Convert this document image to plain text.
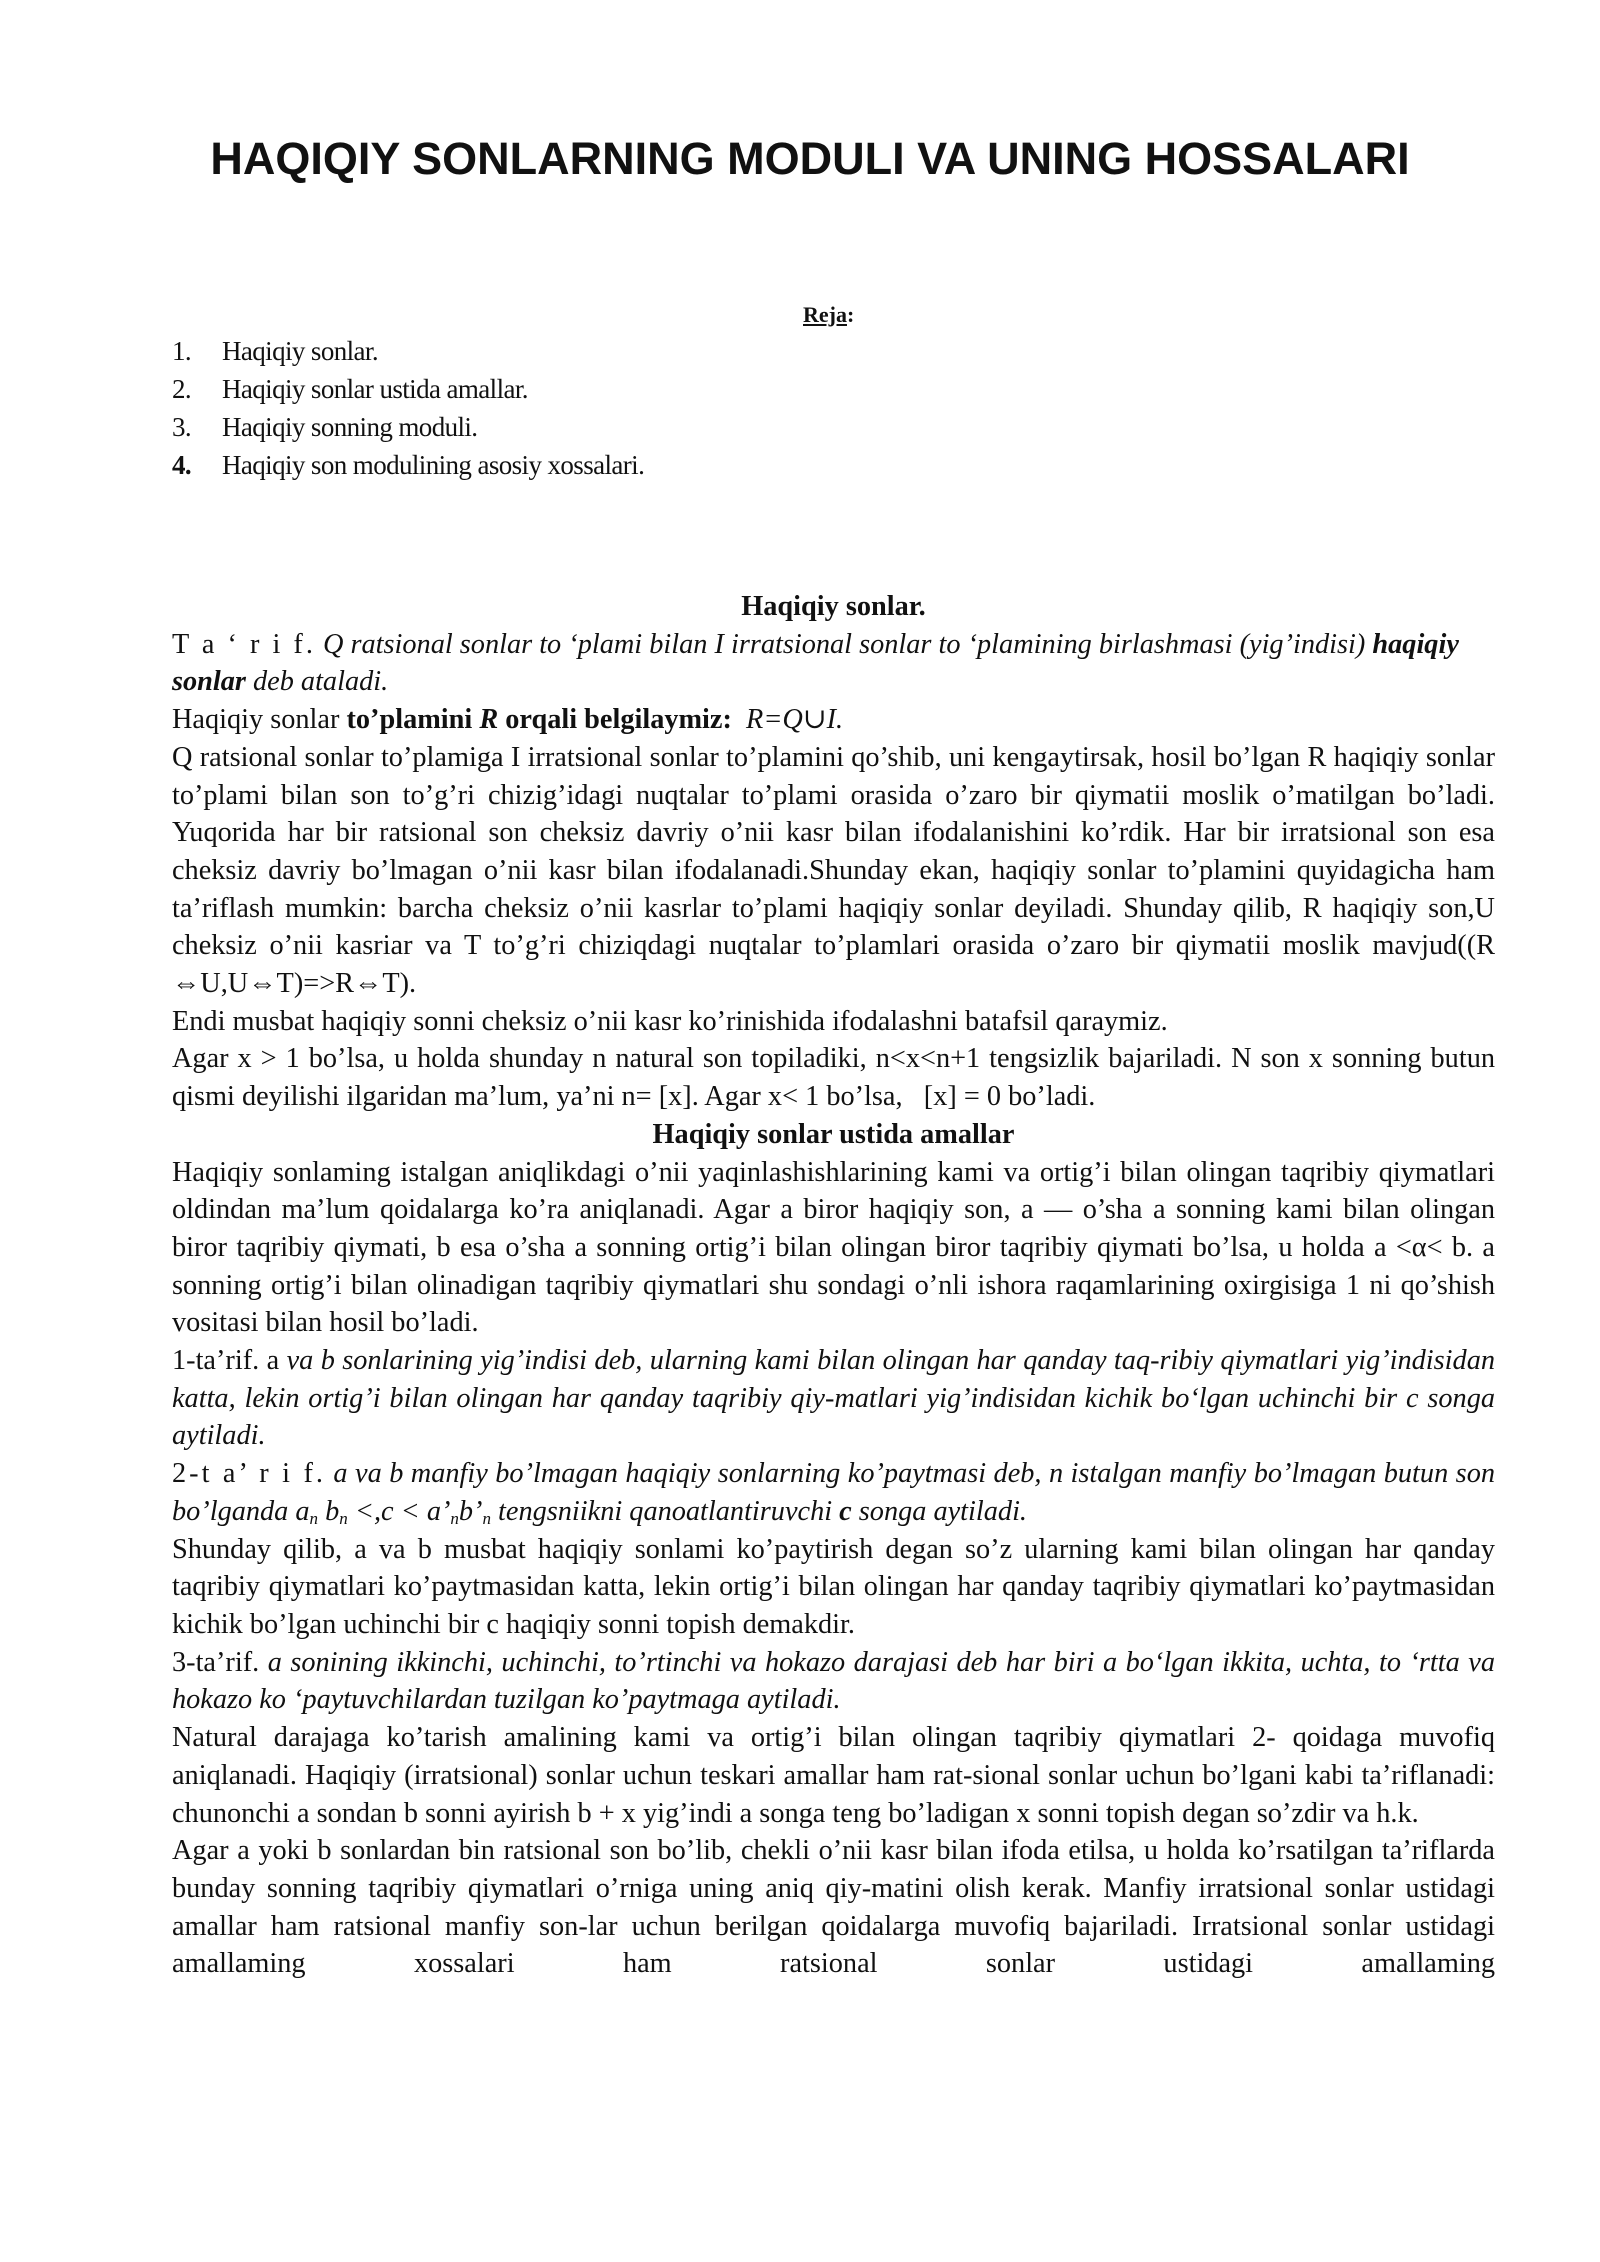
HAQIQIY SONLARNING MODULI VA UNING HOSSALARI
Reja:
1. Haqiqiy sonlar.
2. Haqiqiy sonlar ustida amallar.
3. Haqiqiy sonning moduli.
4. Haqiqiy son modulining asosiy xossalari.

Haqiqiy sonlar.

T a ‘ r i f. Q ratsional sonlar to ‘plami bilan I irratsional sonlar to ‘plamining birlashmasi (yig’indisi) haqiqiy sonlar deb ataladi.

Haqiqiy sonlar to’plamini R orqali belgilaymiz:  R=Q∪I.

Q ratsional sonlar to’plamiga I irratsional sonlar to’plamini qo’shib, uni kengaytirsak, hosil bo’lgan R haqiqiy sonlar to’plami bilan son to’g’ri chizig’idagi nuqtalar to’plami orasida o’zaro bir qiymatii moslik o’matilgan bo’ladi. Yuqorida har bir ratsional son cheksiz davriy o’nii kasr bilan ifodalanishini ko’rdik. Har bir irratsional son esa cheksiz davriy bo’lmagan o’nii kasr bilan ifodalanadi.Shunday ekan, haqiqiy sonlar to’plamini quyidagicha ham ta’riflash mumkin: barcha cheksiz o’nii kasrlar to’plami haqiqiy sonlar deyiladi. Shunday qilib, R haqiqiy son,U cheksiz o’nii kasriar va T to’g’ri chiziqdagi nuqtalar to’plamlari orasida o’zaro bir qiymatii moslik mavjud((R ⇔U,U⇔T)=>R⇔T).

Endi musbat haqiqiy sonni cheksiz o’nii kasr ko’rinishida ifodalashni batafsil qaraymiz.

Agar x > 1 bo’lsa, u holda shunday n natural son topiladiki, n<x<n+1 tengsizlik bajariladi. N son x sonning butun qismi deyilishi ilgaridan ma’lum, ya’ni n= [x]. Agar x< 1 bo’lsa,   [x] = 0 bo’ladi.

Haqiqiy sonlar ustida amallar

Haqiqiy sonlaming istalgan aniqlikdagi o’nii yaqinlashishlarining kami va ortig’i bilan olingan taqribiy qiymatlari oldindan ma’lum qoidalarga ko’ra aniqlanadi. Agar a biror haqiqiy son, a — o’sha a sonning kami bilan olingan biror taqribiy qiymati, b esa o’sha a sonning ortig’i bilan olingan biror taqribiy qiymati bo’lsa, u holda a <α< b. a sonning ortig’i bilan olinadigan taqribiy qiymatlari shu sondagi o’nli ishora raqamlarining oxirgisiga 1 ni qo’shish vositasi bilan hosil bo’ladi.

1-ta’rif. a va b sonlarining yig’indisi deb, ularning kami bilan olingan har qanday taq-ribiy qiymatlari yig’indisidan katta, lekin ortig’i bilan olingan har qanday taqribiy qiy-matlari yig’indisidan kichik bo‘lgan uchinchi bir c songa aytiladi.

2-t a’ r i f. a va b manfiy bo’lmagan haqiqiy sonlarning ko’paytmasi deb, n istalgan manfiy bo’lmagan butun son bo’lganda $a_n$ $b_n <,c$ < $a’_nb’_n$ tengsniikni qanoatlantiruvchi c songa aytiladi.

Shunday qilib, a va b musbat haqiqiy sonlami ko’paytirish degan so’z ularning kami bilan olingan har qanday taqribiy qiymatlari ko’paytmasidan katta, lekin ortig’i bilan olingan har qanday taqribiy qiymatlari ko’paytmasidan kichik bo’lgan uchinchi bir c haqiqiy sonni topish demakdir.

3-ta’rif. a sonining ikkinchi, uchinchi, to’rtinchi va hokazo darajasi deb har biri a bo‘lgan ikkita, uchta, to ‘rtta va hokazo ko ‘paytuvchilardan tuzilgan ko’paytmaga aytiladi.

Natural darajaga ko’tarish amalining kami va ortig’i bilan olingan taqribiy qiymatlari 2- qoidaga muvofiq aniqlanadi. Haqiqiy (irratsional) sonlar uchun teskari amallar ham rat-sional sonlar uchun bo’lgani kabi ta’riflanadi: chunonchi a sondan b sonni ayirish b + x yig’indi a songa teng bo’ladigan x sonni topish degan so’zdir va h.k.

Agar a yoki b sonlardan bin ratsional son bo’lib, chekli o’nii kasr bilan ifoda etilsa, u holda ko’rsatilgan ta’riflarda bunday sonning taqribiy qiymatlari o’rniga uning aniq qiy-matini olish kerak. Manfiy irratsional sonlar ustidagi amallar ham ratsional manfiy son-lar uchun berilgan qoidalarga muvofiq bajariladi. Irratsional sonlar ustidagi amallaming xossalari ham ratsional sonlar ustidagi amallaming
